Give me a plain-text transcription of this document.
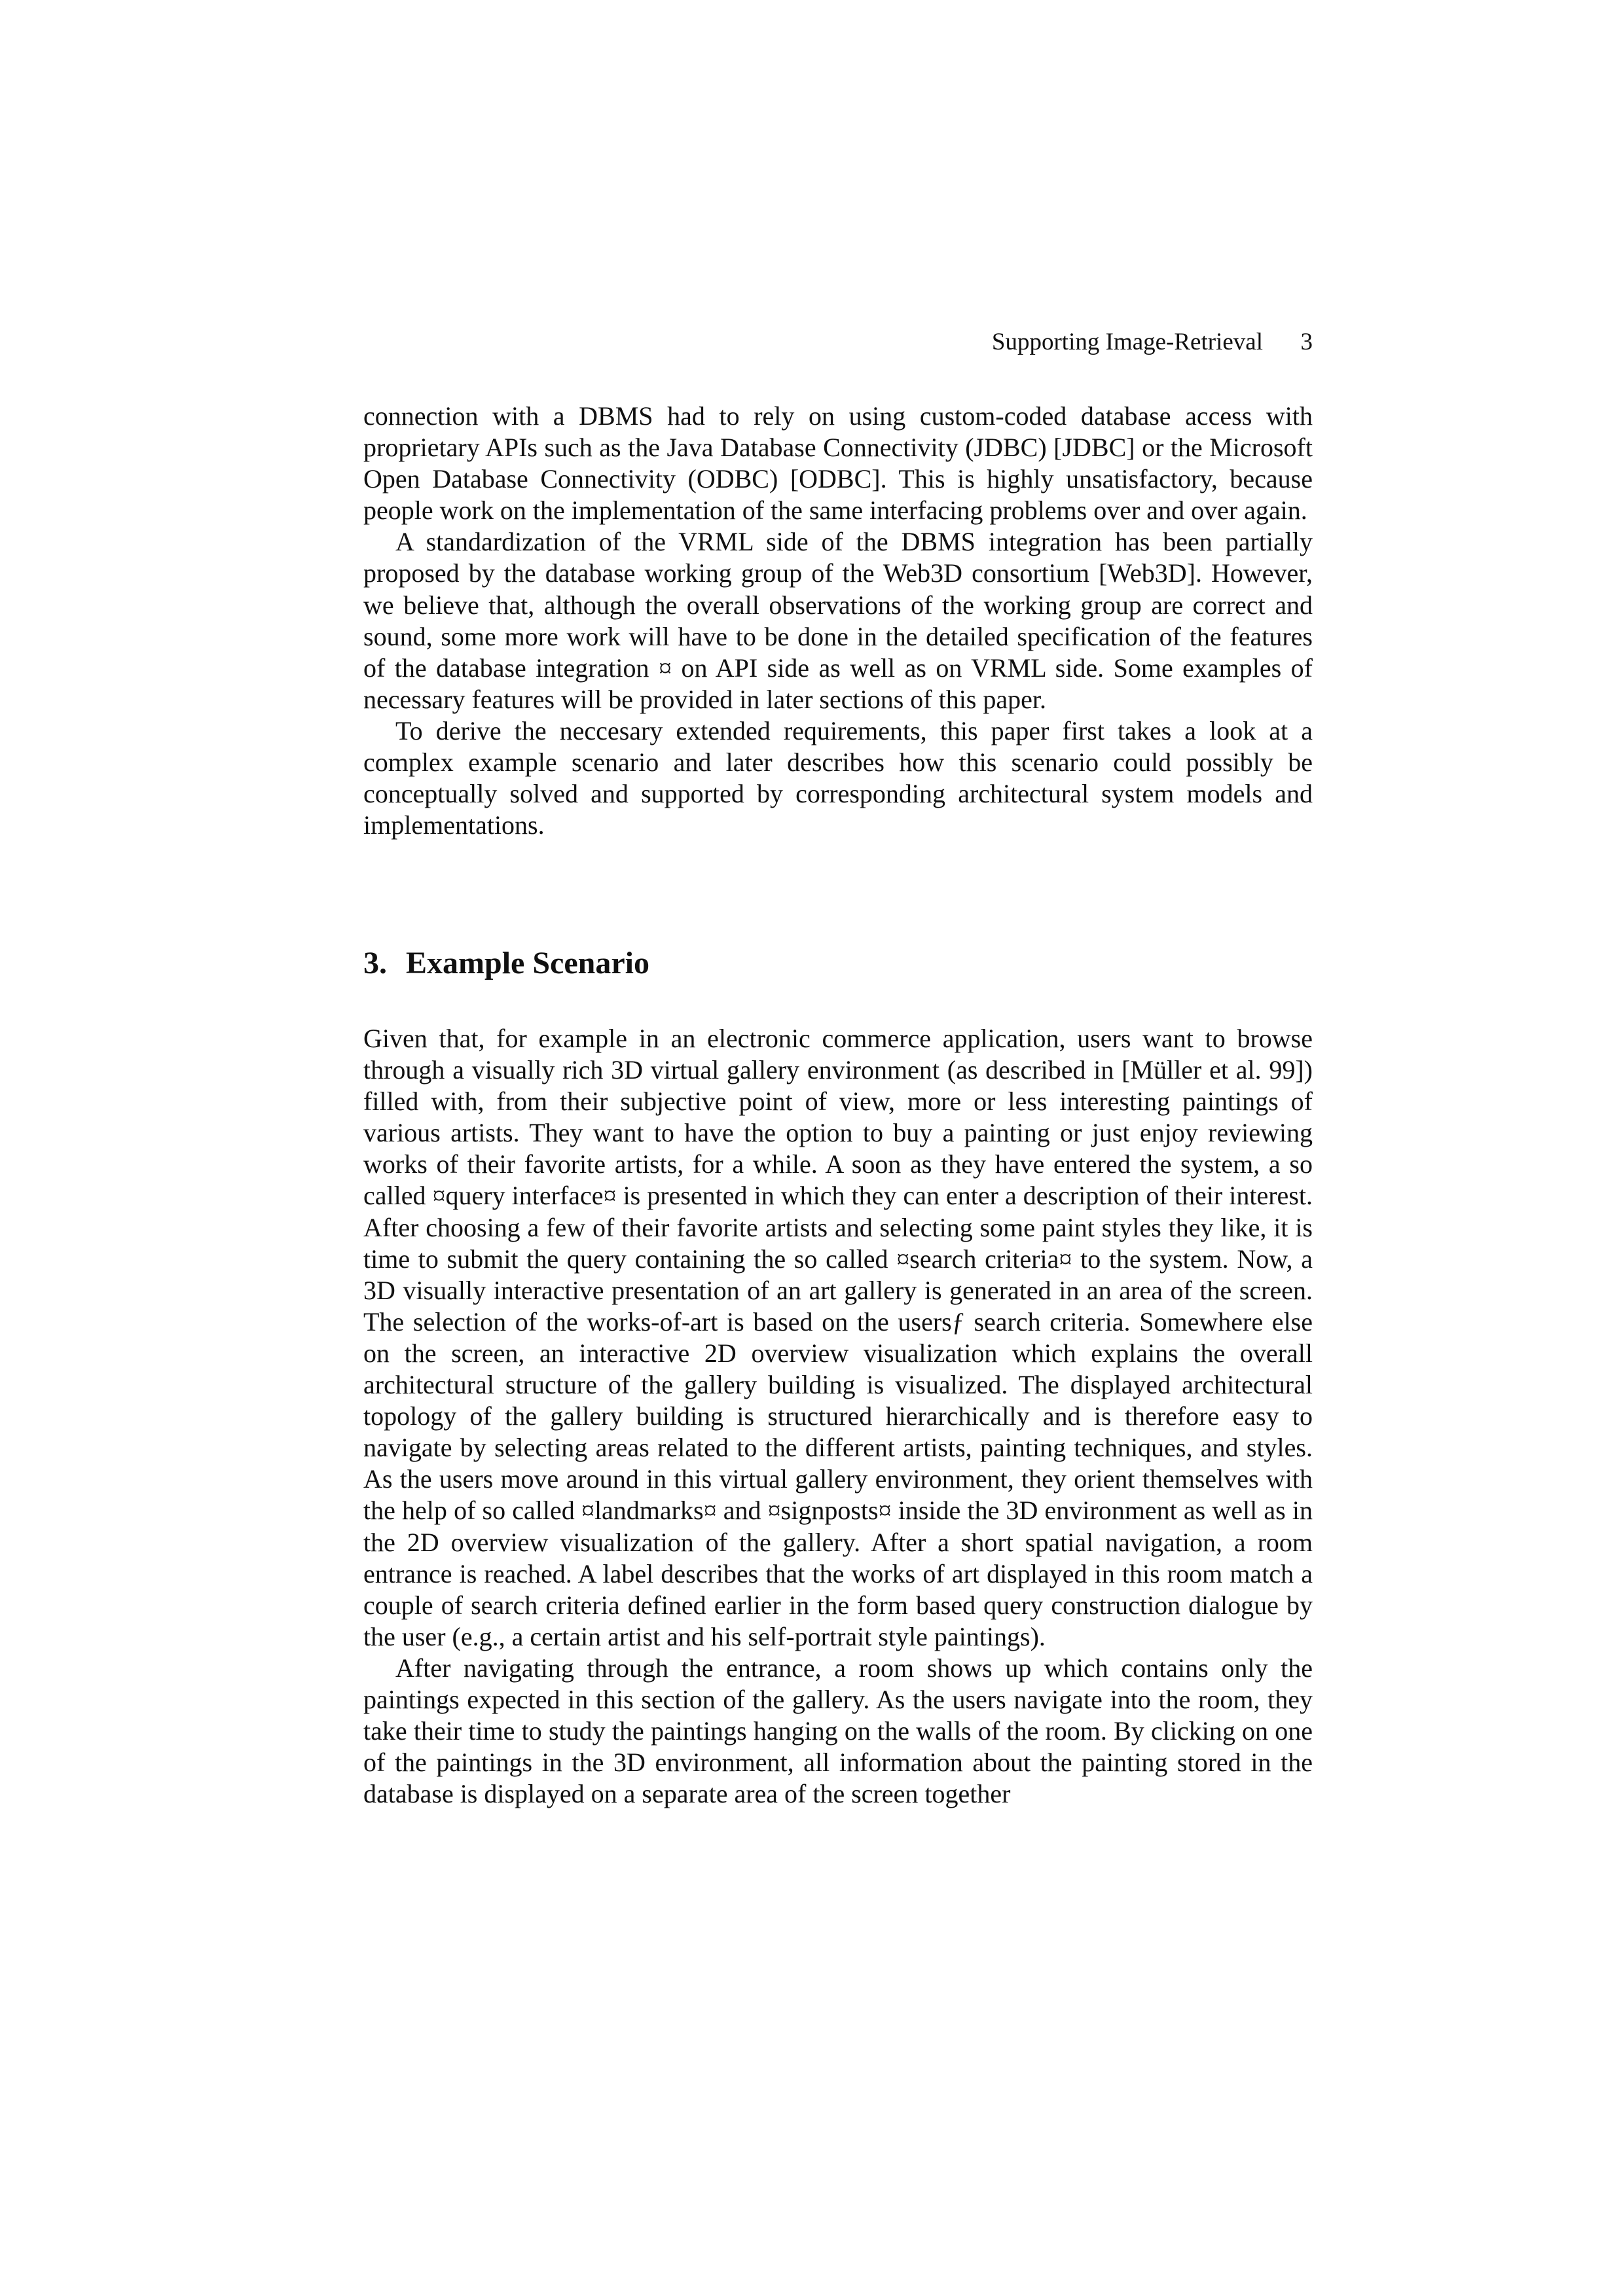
Supporting Image-Retrieval 3

connection with a DBMS had to rely on using custom-coded database access with proprietary APIs such as the Java Database Connectivity (JDBC) [JDBC] or the Microsoft Open Database Connectivity (ODBC) [ODBC]. This is highly unsatisfactory, because people work on the implementation of the same interfacing problems over and over again.

A standardization of the VRML side of the DBMS integration has been partially proposed by the database working group of the Web3D consortium [Web3D]. However, we believe that, although the overall observations of the working group are correct and sound, some more work will have to be done in the detailed specification of the features of the database integration ¤ on API side as well as on VRML side. Some examples of necessary features will be provided in later sections of this paper.

To derive the neccesary extended requirements, this paper first takes a look at a complex example scenario and later describes how this scenario could possibly be conceptually solved and supported by corresponding architectural system models and implementations.

3. Example Scenario

Given that, for example in an electronic commerce application, users want to browse through a visually rich 3D virtual gallery environment (as described in [Müller et al. 99]) filled with, from their subjective point of view, more or less interesting paintings of various artists. They want to have the option to buy a painting or just enjoy reviewing works of their favorite artists, for a while. A soon as they have entered the system, a so called ¤query interface¤ is presented in which they can enter a description of their interest. After choosing a few of their favorite artists and selecting some paint styles they like, it is time to submit the query containing the so called ¤search criteria¤ to the system. Now, a 3D visually interactive presentation of an art gallery is generated in an area of the screen. The selection of the works-of-art is based on the usersƒ search criteria. Somewhere else on the screen, an interactive 2D overview visualization which explains the overall architectural structure of the gallery building is visualized. The displayed architectural topology of the gallery building is structured hierarchically and is therefore easy to navigate by selecting areas related to the different artists, painting techniques, and styles. As the users move around in this virtual gallery environment, they orient themselves with the help of so called ¤landmarks¤ and ¤signposts¤ inside the 3D environment as well as in the 2D overview visualization of the gallery. After a short spatial navigation, a room entrance is reached. A label describes that the works of art displayed in this room match a couple of search criteria defined earlier in the form based query construction dialogue by the user (e.g., a certain artist and his self-portrait style paintings).

After navigating through the entrance, a room shows up which contains only the paintings expected in this section of the gallery. As the users navigate into the room, they take their time to study the paintings hanging on the walls of the room. By clicking on one of the paintings in the 3D environment, all information about the painting stored in the database is displayed on a separate area of the screen together
